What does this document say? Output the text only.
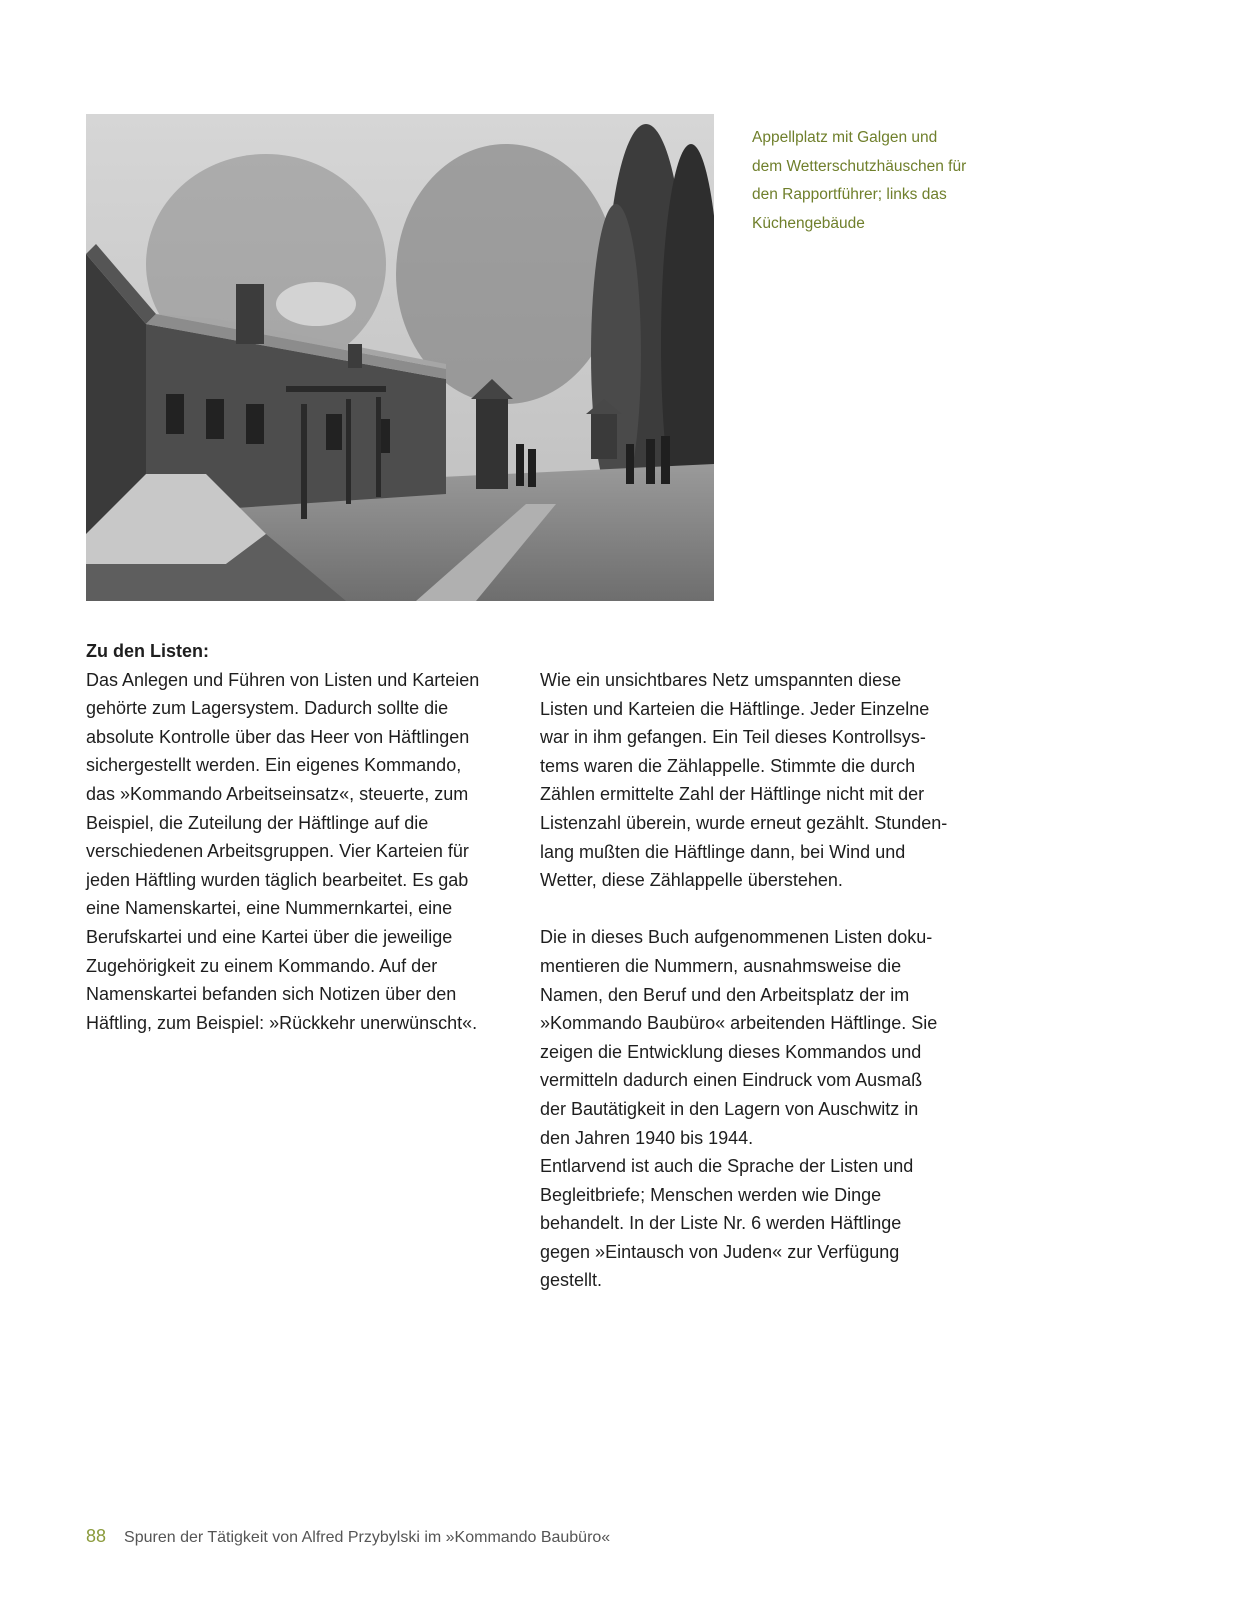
Appellplatz mit Galgen und
dem Wetterschutzhäuschen für
den Rapportführer; links das
Küchengebäude
Zu den Listen:
Das Anlegen und Führen von Listen und Karteien
gehörte zum Lagersystem. Dadurch sollte die
absolute Kontrolle über das Heer von Häftlingen
sichergestellt werden. Ein eigenes Kommando,
das »Kommando Arbeitseinsatz«, steuerte, zum
Beispiel, die Zuteilung der Häftlinge auf die
verschiedenen Arbeitsgruppen. Vier Karteien für
jeden Häftling wurden täglich bearbeitet. Es gab
eine Namenskartei, eine Nummernkartei, eine
Berufskartei und eine Kartei über die jeweilige
Zugehörigkeit zu einem Kommando. Auf der
Namenskartei befanden sich Notizen über den
Häftling, zum Beispiel: »Rückkehr unerwünscht«.
Wie ein unsichtbares Netz umspannten diese
Listen und Karteien die Häftlinge. Jeder Einzelne
war in ihm gefangen. Ein Teil dieses Kontrollsys-
tems waren die Zählappelle. Stimmte die durch
Zählen ermittelte Zahl der Häftlinge nicht mit der
Listenzahl überein, wurde erneut gezählt. Stunden-
lang mußten die Häftlinge dann, bei Wind und
Wetter, diese Zählappelle überstehen.
Die in dieses Buch aufgenommenen Listen doku-
mentieren die Nummern, ausnahmsweise die
Namen, den Beruf und den Arbeitsplatz der im
»Kommando Baubüro« arbeitenden Häftlinge. Sie
zeigen die Entwicklung dieses Kommandos und
vermitteln dadurch einen Eindruck vom Ausmaß
der Bautätigkeit in den Lagern von Auschwitz in
den Jahren 1940 bis 1944.
Entlarvend ist auch die Sprache der Listen und
Begleitbriefe; Menschen werden wie Dinge
behandelt. In der Liste Nr. 6 werden Häftlinge
gegen »Eintausch von Juden« zur Verfügung
gestellt.
88 Spuren der Tätigkeit von Alfred Przybylski im »Kommando Baubüro«
